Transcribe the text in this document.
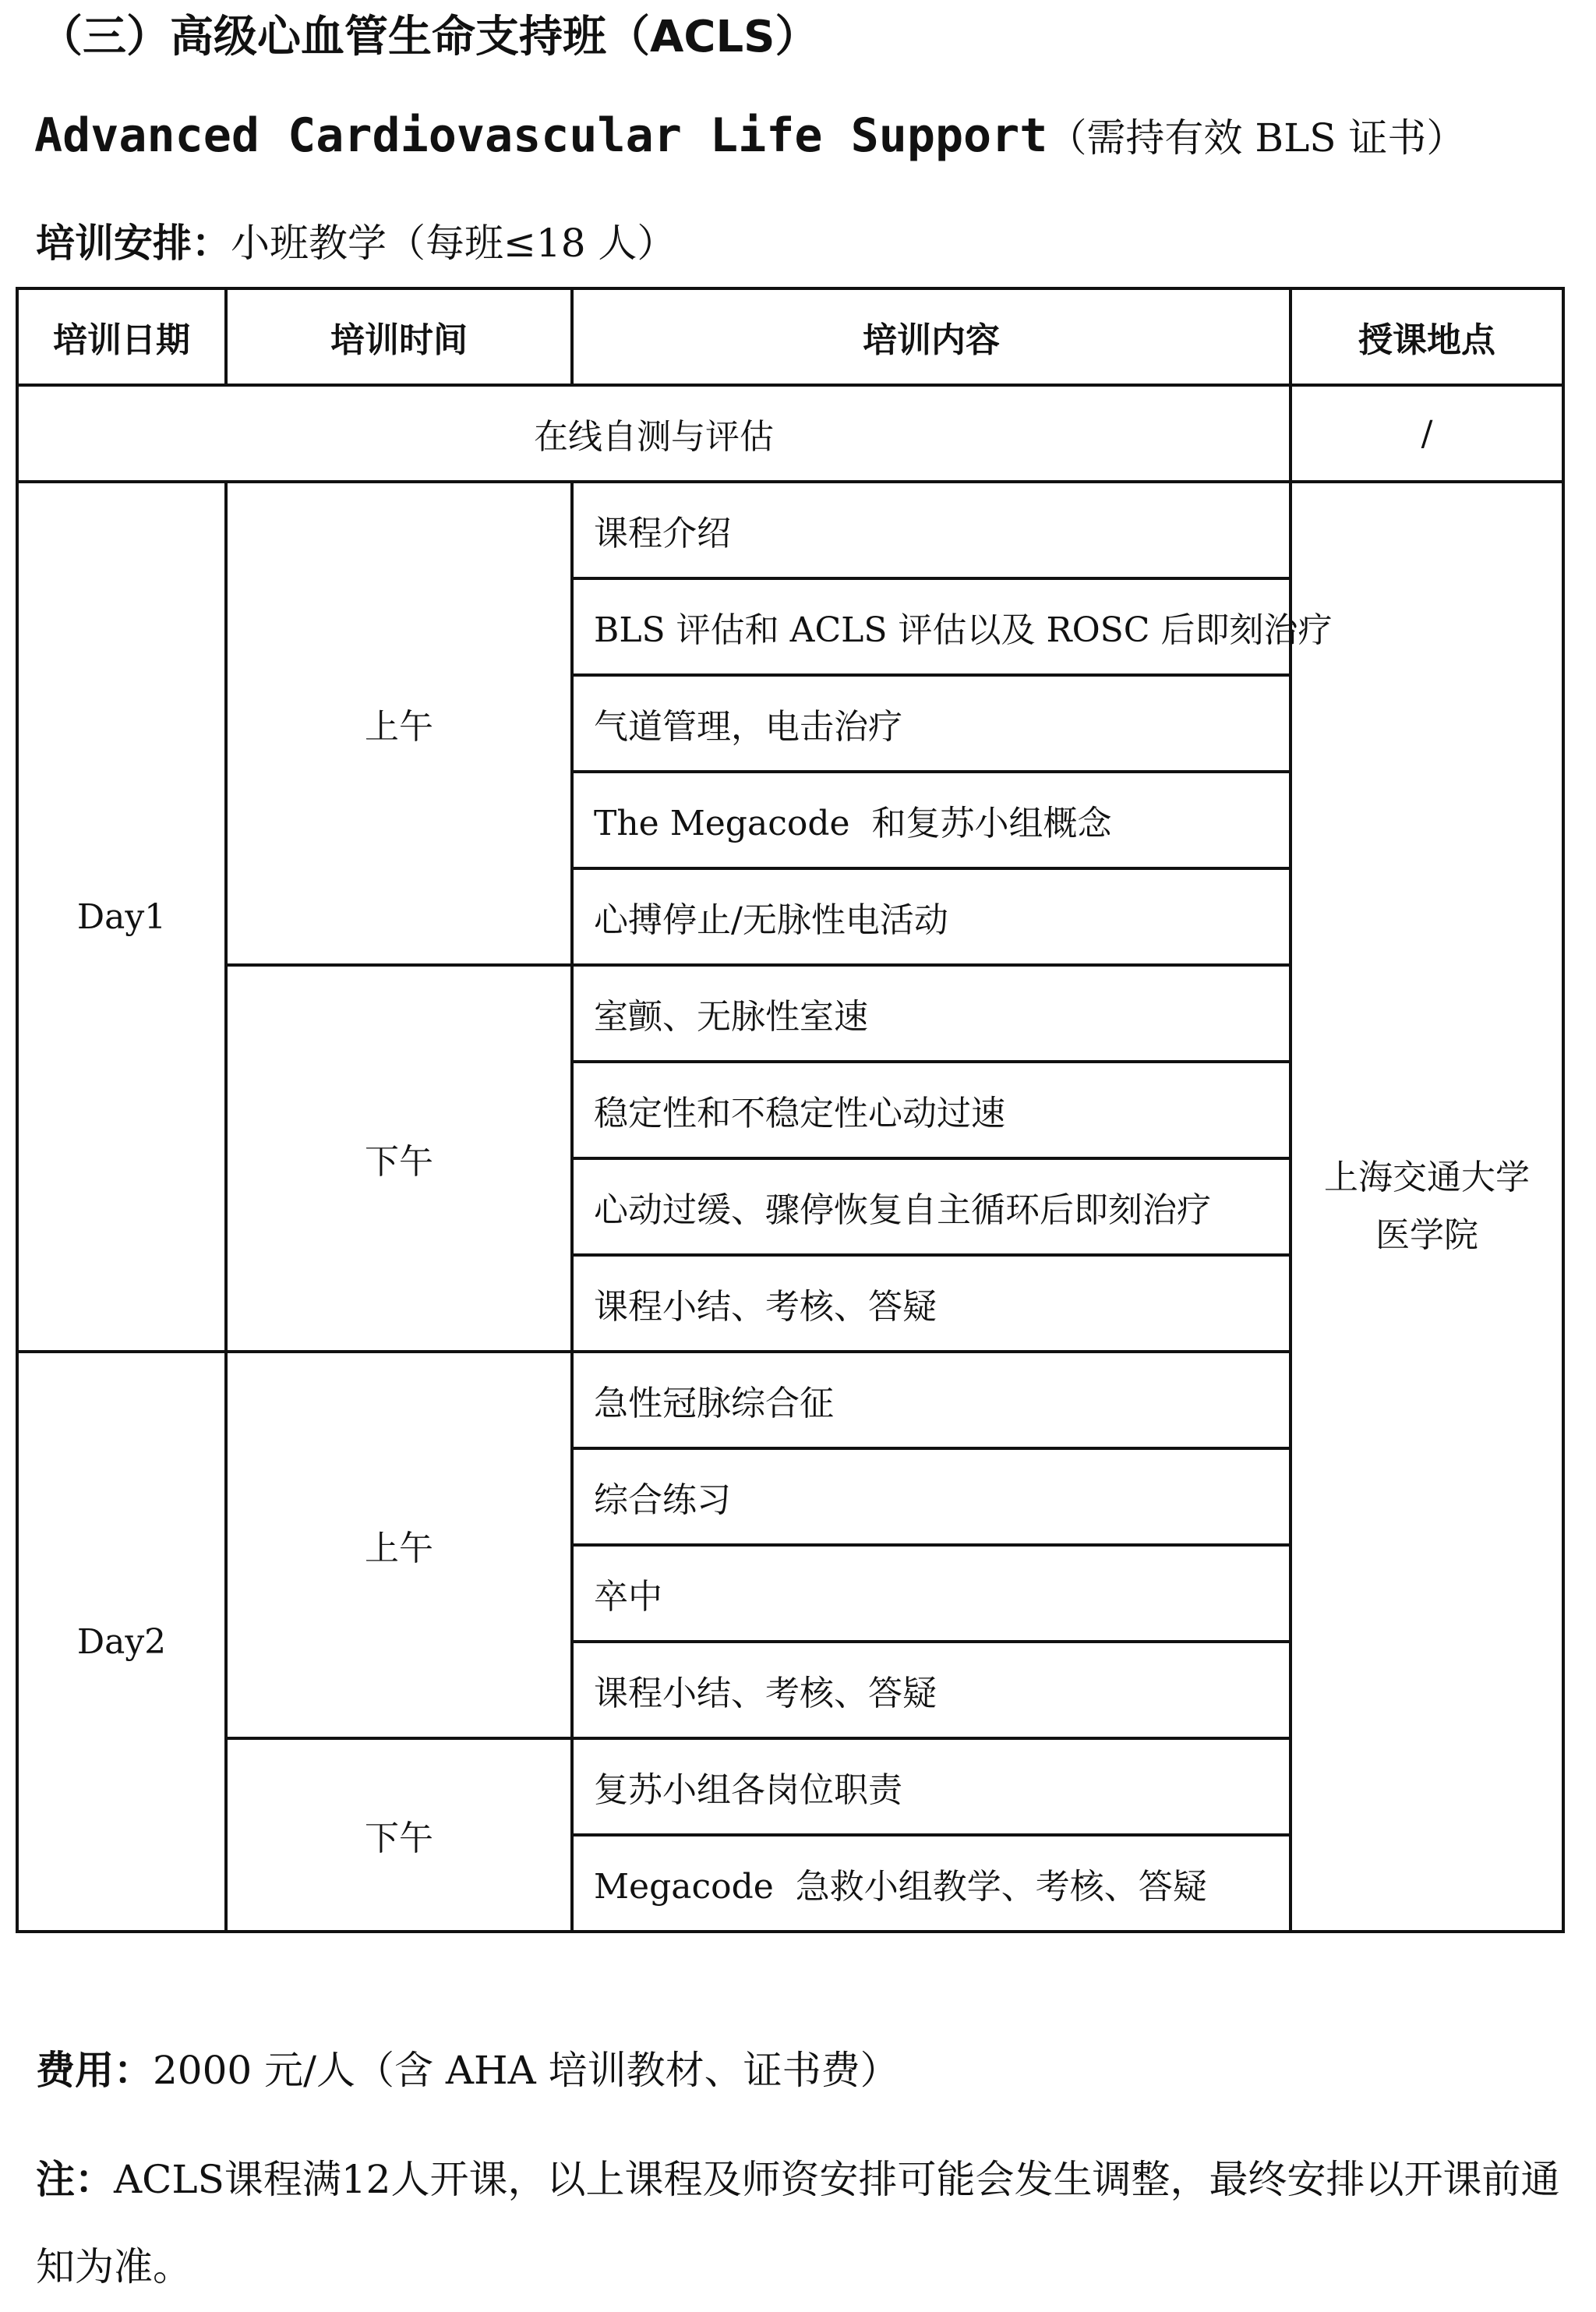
（三）高级心血管生命支持班（ACLS）
Advanced Cardiovascular Life Support（需持有效 BLS 证书）
培训安排：小班教学（每班≤18 人）
培训日期	培训时间	培训内容	授课地点
在线自测与评估			/
Day1	上午	课程介绍	上海交通大学
医学院

		BLS 评估和 ACLS 评估以及 ROSC 后即刻治疗	
		气道管理，电击治疗	
		The Megacode  和复苏小组概念	
		心搏停止/无脉性电活动	
	下午	室颤、无脉性室速	
		稳定性和不稳定性心动过速	
		心动过缓、骤停恢复自主循环后即刻治疗	
		课程小结、考核、答疑	
Day2	上午	急性冠脉综合征	
		综合练习	
		卒中	
		课程小结、考核、答疑	
	下午	复苏小组各岗位职责	
		Megacode  急救小组教学、考核、答疑	
费用：2000 元/人（含 AHA 培训教材、证书费）
注：ACLS课程满12人开课，以上课程及师资安排可能会发生调整，最终安排以开课前通知为准。
